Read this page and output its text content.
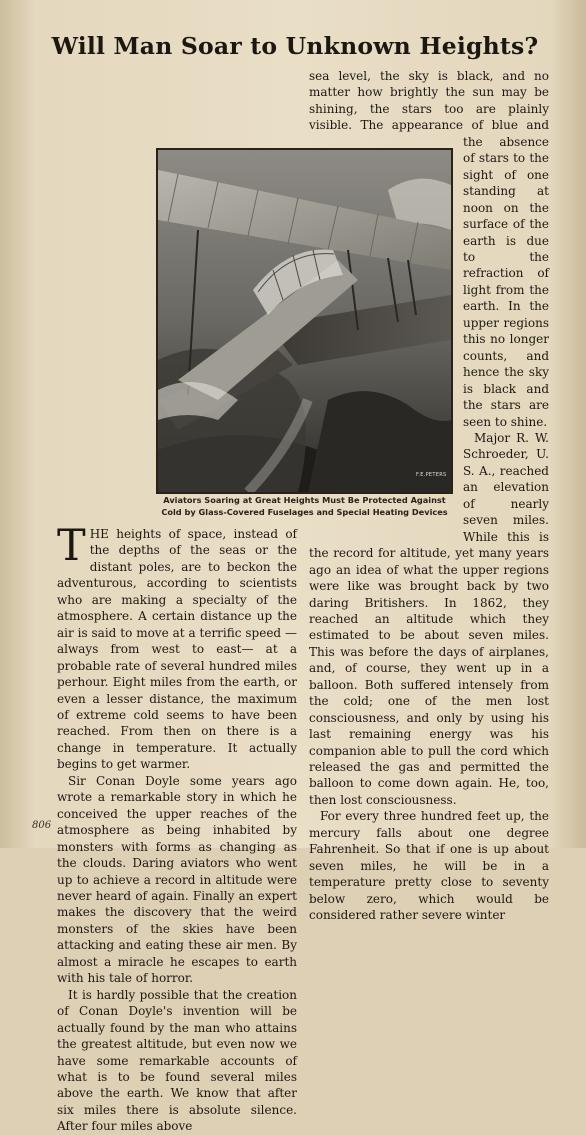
Will Man Soar to Unknown Heights?

THE heights of space, instead of the depths of the seas or the distant poles, are to beckon the adventurous, according to scientists who are making a specialty of the atmosphere. A certain distance up the air is said to move at a terrific speed —always from west to east— at a probable rate of several hundred miles perhour. Eight miles from the earth, or even a lesser distance, the maximum of extreme cold seems to have been reached. From then on there is a change in temperature. It actually begins to get warmer.

Sir Conan Doyle some years ago wrote a remarkable story in which he conceived the upper reaches of the atmosphere as being inhabited by monsters with forms as changing as the clouds. Daring aviators who went up to achieve a record in altitude were never heard of again. Finally an expert makes the discovery that the weird monsters of the skies have been attacking and eating these air men. By almost a miracle he escapes to earth with his tale of horror.

It is hardly possible that the creation of Conan Doyle's invention will be actually found by the man who attains the greatest altitude, but even now we have some remarkable accounts of what is to be found several miles above the earth. We know that after six miles there is absolute silence. After four miles above

sea level, the sky is black, and no matter how brightly the sun may be shining, the stars too are plainly visible. The appearance of blue and the absence of stars to the sight of one standing at noon on the surface of the earth is due to the refraction of light from the earth. In the upper regions this no longer counts, and hence the sky is black and the stars are seen to shine.

Major R. W. Schroeder, U. S. A., reached an elevation of nearly seven miles. While this is the record for altitude, yet many years ago an idea of what the upper regions were like was brought back by two daring Britishers. In 1862, they reached an altitude which they estimated to be about seven miles. This was before the days of airplanes, and, of course, they went up in a balloon. Both suffered intensely from the cold; one of the men lost consciousness, and only by using his last remaining energy was his companion able to pull the cord which released the gas and permitted the balloon to come down again. He, too, then lost consciousness.

For every three hundred feet up, the mercury falls about one degree Fahrenheit. So that if one is up about seven miles, he will be in a temperature pretty close to seventy below zero, which would be considered rather severe winter

F.E.PETERS
Aviators Soaring at Great Heights Must Be Protected Against
Cold by Glass-Covered Fuselages and Special Heating Devices
806
